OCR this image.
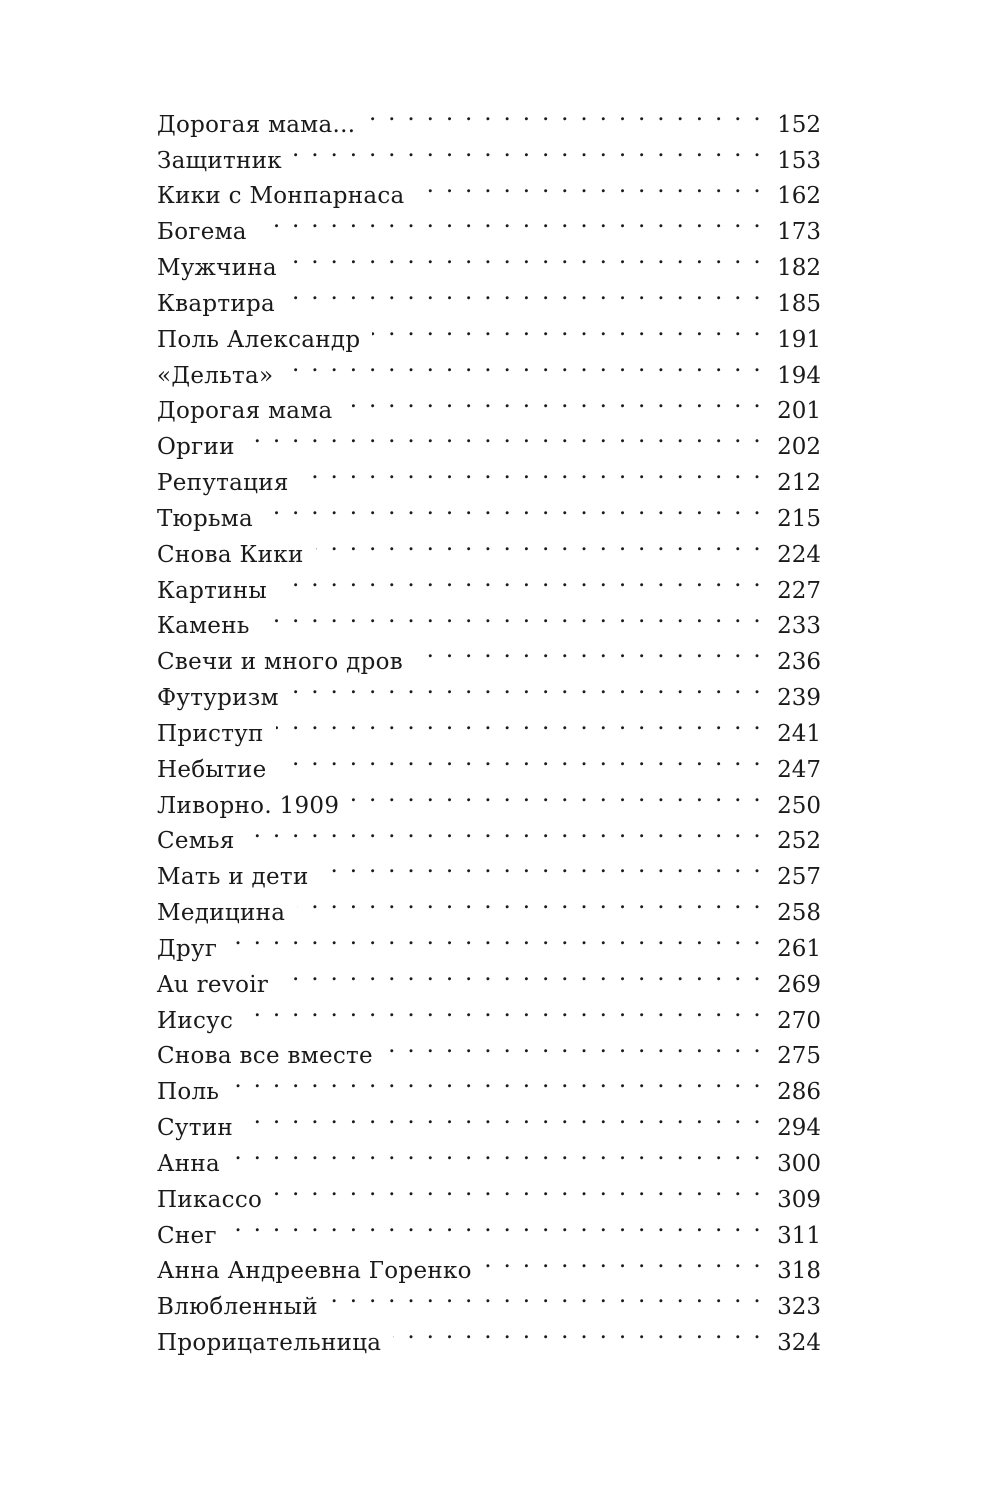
Дорогая мама... . . .	152
Защитник . . .	153
Кики с Монпарнаса . . .	162
Богема . . .	173
Мужчина . . .	182
Квартира . . .	185
Поль Александр . . .	191
«Дельта» . . .	194
Дорогая мама . . .	201
Оргии . . .	202
Репутация . . .	212
Тюрьма . . .	215
Снова Кики . . .	224
Картины . . .	227
Камень . . .	233
Свечи и много дров . . .	236
Футуризм . . .	239
Приступ . . .	241
Небытие . . .	247
Ливорно. 1909 . . .	250
Семья . . .	252
Мать и дети . . .	257
Медицина . . .	258
Друг . . .	261
Au revoir . . .	269
Иисус . . .	270
Снова все вместе . . .	275
Поль . . .	286
Сутин . . .	294
Анна . . .	300
Пикассо . . .	309
Снег . . .	311
Анна Андреевна Горенко . . .	318
Влюбленный . . .	323
Прорицательница . . .	324
